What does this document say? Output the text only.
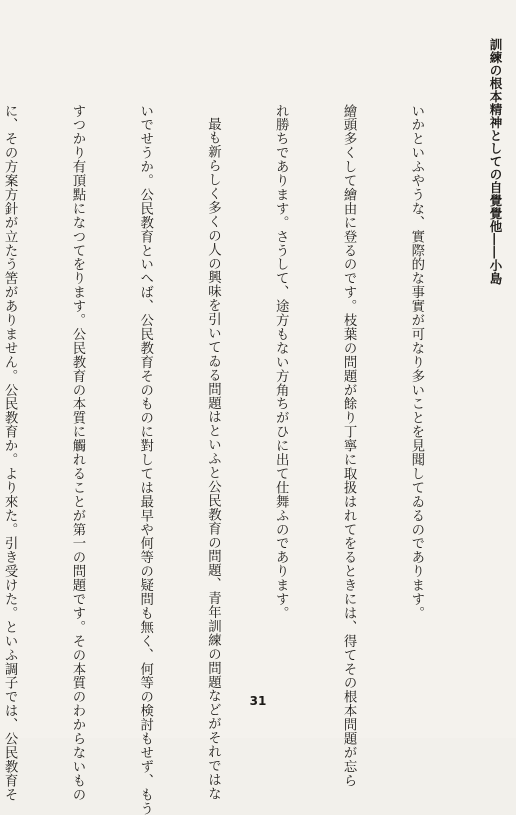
訓練の根本精神としての自覺覺他――小島

いかといふやうな、實際的な事實が可なり多いことを見聞してゐるのであります。

繪頭多くして繪由に登るのです。枝葉の問題が餘り丁寧に取扱はれてをるときには、得てその根本問題が忘ら

れ勝ちであります。さうして、途方もない方角ちがひに出て仕舞ふのであります。

最も新らしく多くの人の興味を引いてゐる問題はといふと公民教育の問題、青年訓練の問題などがそれではな

いでせうか。公民教育といへば、公民教育そのものに對しては最早や何等の疑問も無く、何等の検討もせず、もう

すつかり有頂點になつてをります。公民教育の本質に觸れることが第一の問題です。その本質のわからないもの

に、その方案方針が立たう筈がありません。公民教育か。より來た。引き受けた。といふ調子では、公民教育そ

	31
